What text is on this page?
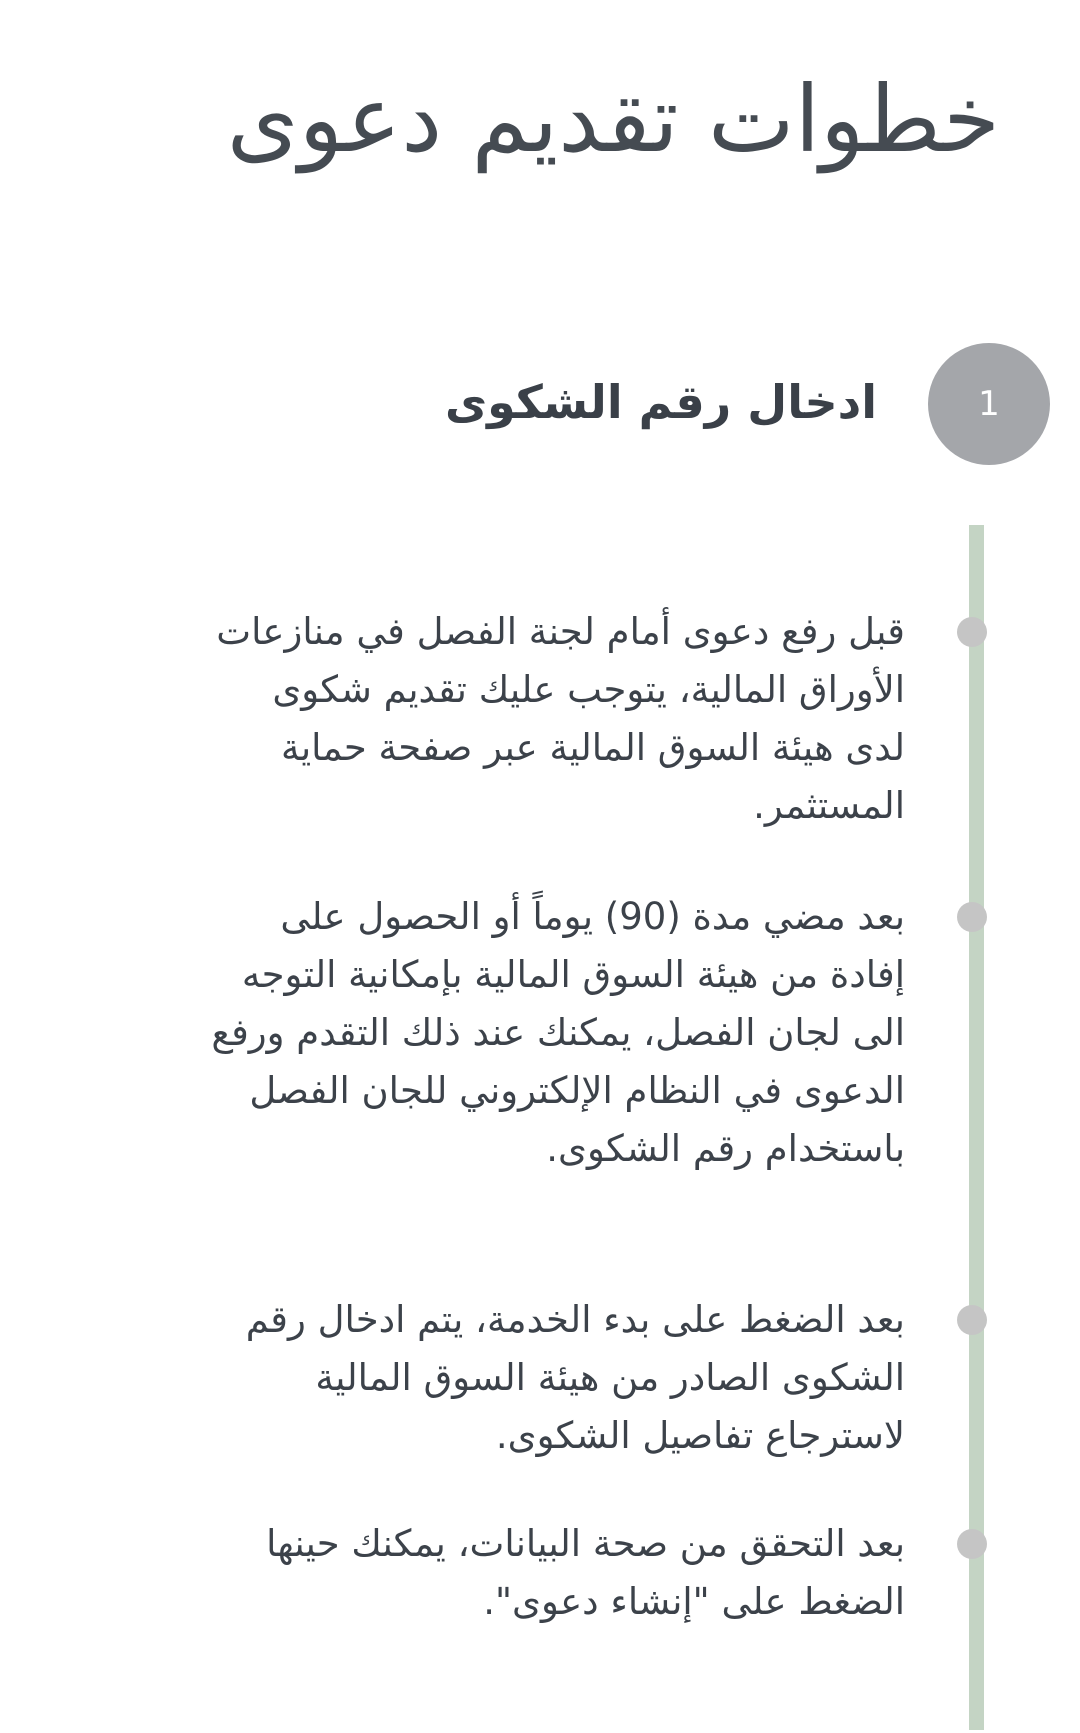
خطوات تقديم دعوى
1
ادخال رقم الشكوى

قبل رفع دعوى أمام لجنة الفصل في منازعات الأوراق المالية، يتوجب عليك تقديم شكوى لدى هيئة السوق المالية عبر صفحة حماية المستثمر.

بعد مضي مدة (90) يوماً أو الحصول على إفادة من هيئة السوق المالية بإمكانية التوجه الى لجان الفصل، يمكنك عند ذلك التقدم ورفع الدعوى في النظام الإلكتروني للجان الفصل باستخدام رقم الشكوى.

بعد الضغط على بدء الخدمة، يتم ادخال رقم الشكوى الصادر من هيئة السوق المالية لاسترجاع تفاصيل الشكوى.

بعد التحقق من صحة البيانات، يمكنك حينها الضغط على "إنشاء دعوى".
